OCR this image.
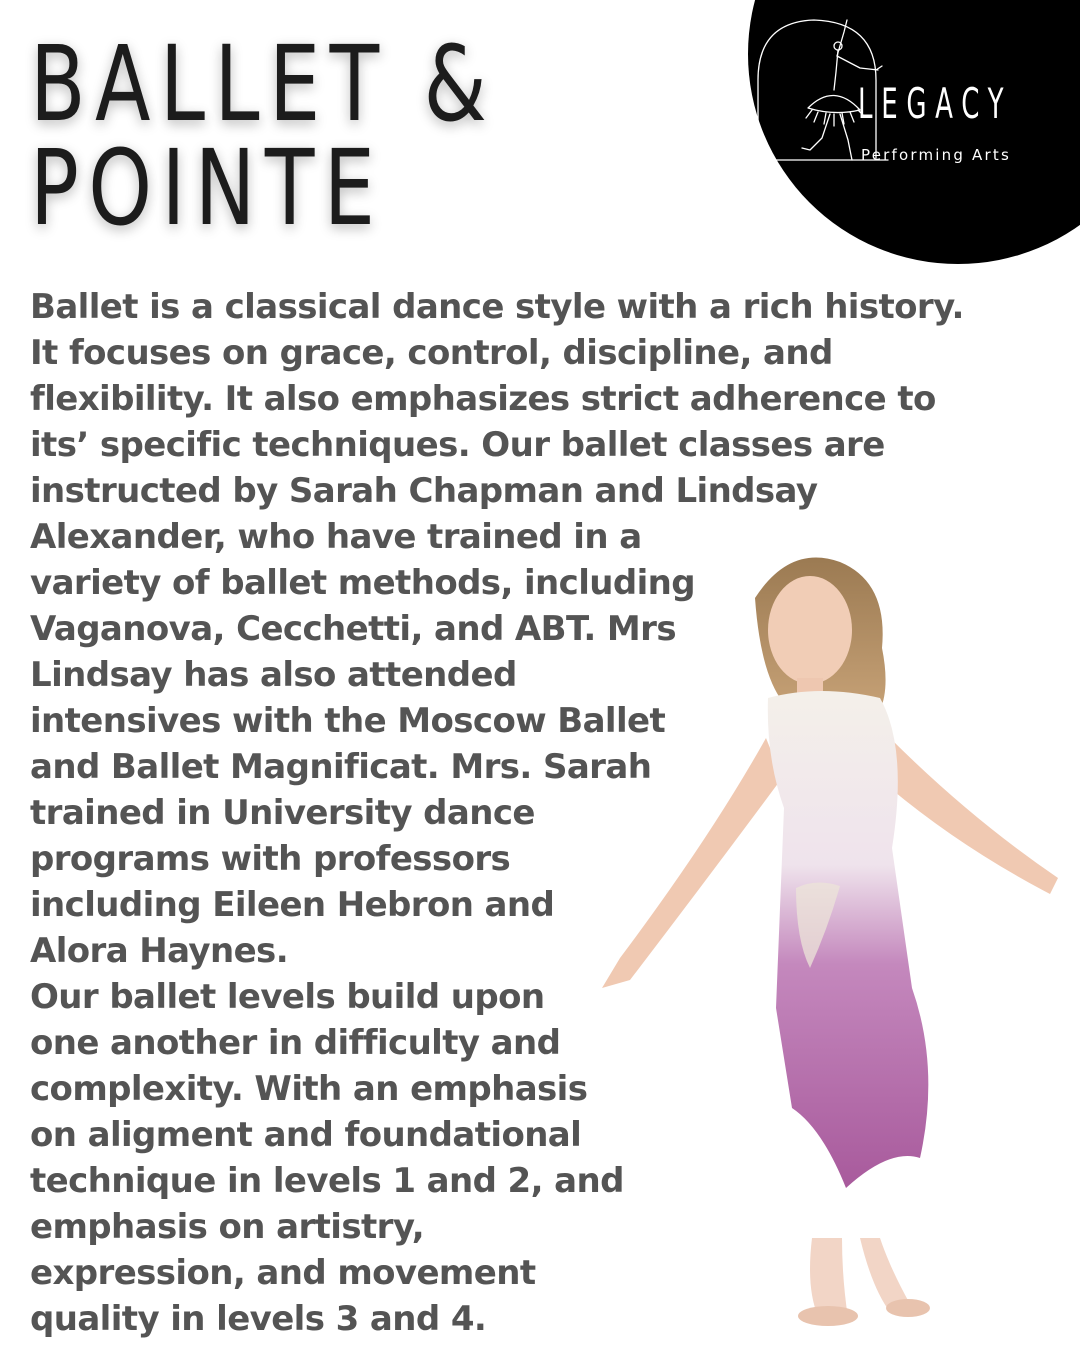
BALLET &
POINTE
LEGACY
Performing Arts

Ballet is a classical dance style with a rich history.
It focuses on grace, control, discipline, and
flexibility. It also emphasizes strict adherence to
its’ specific techniques. Our ballet classes are
instructed by Sarah Chapman and Lindsay
Alexander, who have trained in a
variety of ballet methods, including
Vaganova, Cecchetti, and ABT. Mrs
Lindsay has also attended
intensives with the Moscow Ballet
and Ballet Magnificat. Mrs. Sarah
trained in University dance
programs with professors
including Eileen Hebron and
Alora Haynes.

Our ballet levels build upon
one another in difficulty and
complexity. With an emphasis
on aligment and foundational
technique in levels 1 and 2, and
emphasis on artistry,
expression, and movement
quality in levels 3 and 4.
